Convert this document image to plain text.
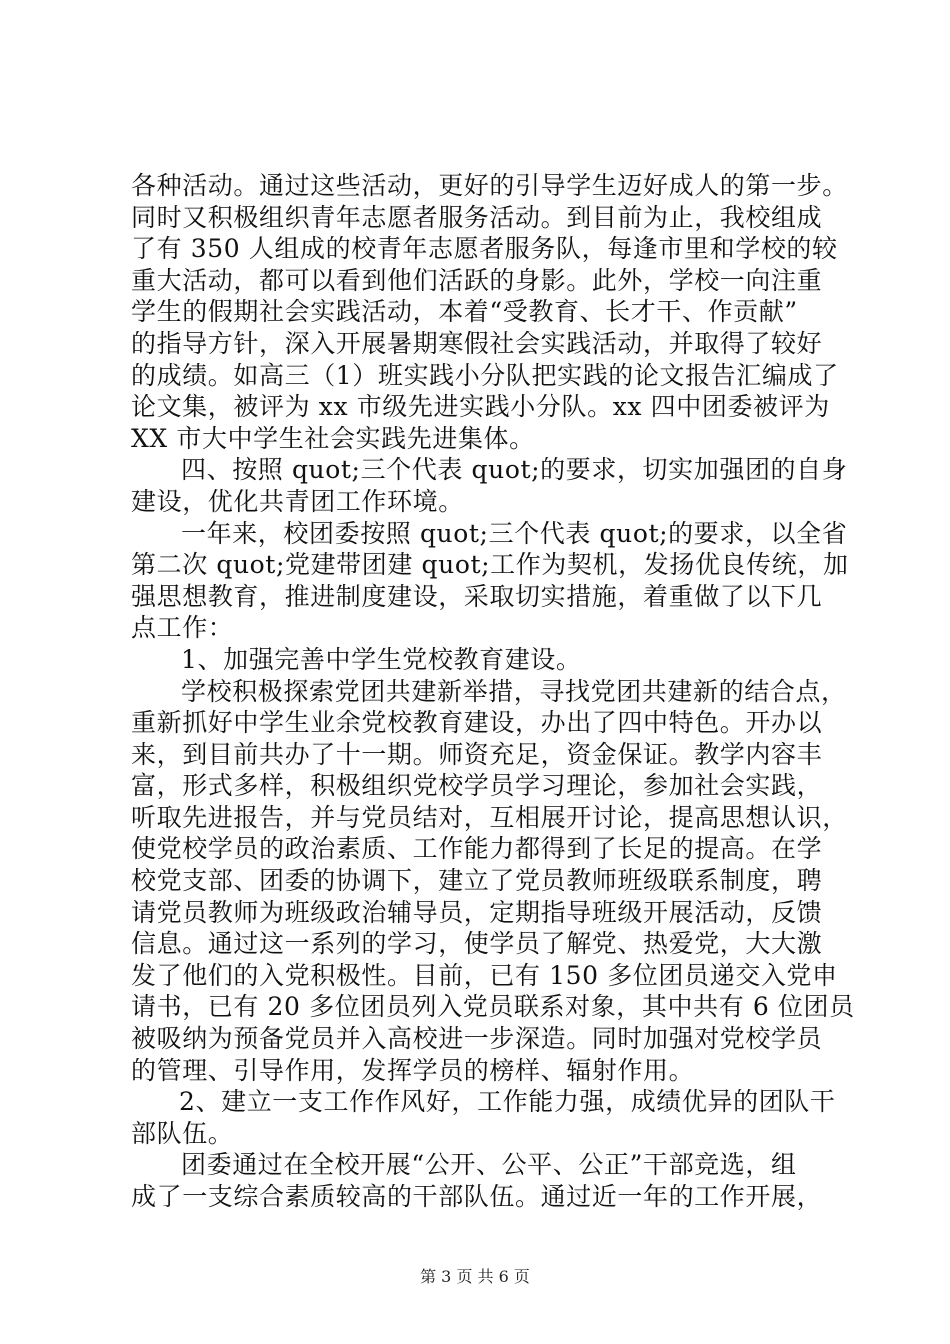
各种活动。通过这些活动，更好的引导学生迈好成人的第一步。
同时又积极组织青年志愿者服务活动。到目前为止，我校组成
了有 350 人组成的校青年志愿者服务队，每逢市里和学校的较
重大活动，都可以看到他们活跃的身影。此外，学校一向注重
学生的假期社会实践活动，本着“受教育、长才干、作贡献”
的指导方针，深入开展暑期寒假社会实践活动，并取得了较好
的成绩。如高三（1）班实践小分队把实践的论文报告汇编成了
论文集，被评为 xx 市级先进实践小分队。xx 四中团委被评为
XX 市大中学生社会实践先进集体。
四、按照 quot;三个代表 quot;的要求，切实加强团的自身
建设，优化共青团工作环境。
一年来，校团委按照 quot;三个代表 quot;的要求，以全省
第二次 quot;党建带团建 quot;工作为契机，发扬优良传统，加
强思想教育，推进制度建设，采取切实措施，着重做了以下几
点工作：
1、加强完善中学生党校教育建设。
学校积极探索党团共建新举措，寻找党团共建新的结合点，
重新抓好中学生业余党校教育建设，办出了四中特色。开办以
来，到目前共办了十一期。师资充足，资金保证。教学内容丰
富，形式多样，积极组织党校学员学习理论，参加社会实践，
听取先进报告，并与党员结对，互相展开讨论，提高思想认识，
使党校学员的政治素质、工作能力都得到了长足的提高。在学
校党支部、团委的协调下，建立了党员教师班级联系制度，聘
请党员教师为班级政治辅导员，定期指导班级开展活动，反馈
信息。通过这一系列的学习，使学员了解党、热爱党，大大激
发了他们的入党积极性。目前，已有 150 多位团员递交入党申
请书，已有 20 多位团员列入党员联系对象，其中共有 6 位团员
被吸纳为预备党员并入高校进一步深造。同时加强对党校学员
的管理、引导作用，发挥学员的榜样、辐射作用。
2、建立一支工作作风好，工作能力强，成绩优异的团队干
部队伍。
团委通过在全校开展“公开、公平、公正”干部竞选，组
成了一支综合素质较高的干部队伍。通过近一年的工作开展，
第 3 页 共 6 页
